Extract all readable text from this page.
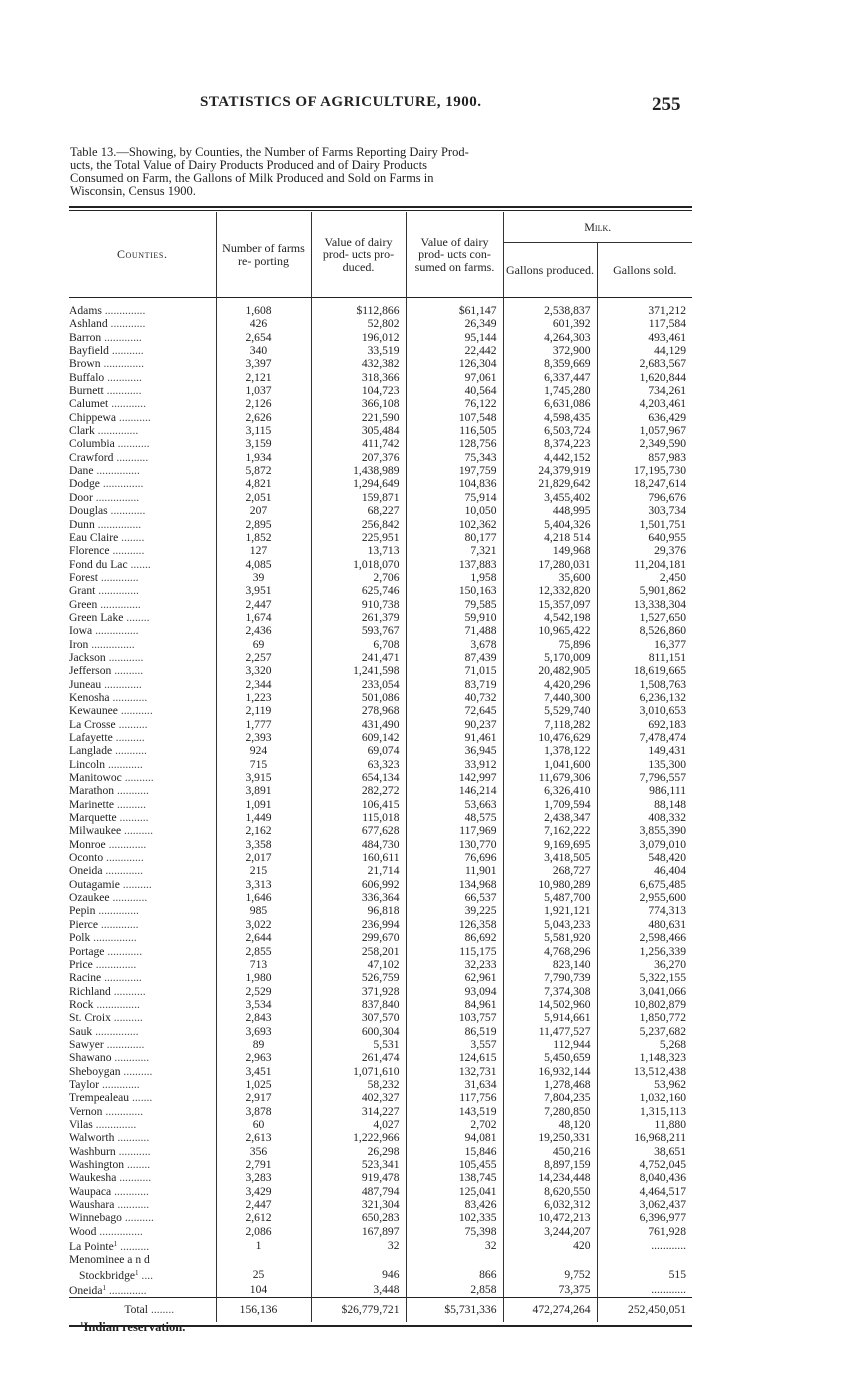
STATISTICS OF AGRICULTURE, 1900.	255
Table 13.—Showing, by Counties, the Number of Farms Reporting Dairy Prod-
ucts, the Total Value of Dairy Products Produced and of Dairy Products
Consumed on Farm, the Gallons of Milk Produced and Sold on Farms in
Wisconsin, Census 1900.
Counties.	Number of farms re- porting	Value of dairy prod- ucts pro- duced.	Value of dairy prod- ucts con- sumed on farms.	Milk.	
				Gallons produced.	Gallons sold.
Adams ..............	1,608	$112,866	$61,147	2,538,837	371,212
Ashland ............	426	52,802	26,349	601,392	117,584
Barron .............	2,654	196,012	95,144	4,264,303	493,461
Bayfield ...........	340	33,519	22,442	372,900	44,129
Brown ..............	3,397	432,382	126,304	8,359,669	2,683,567
Buffalo ............	2,121	318,366	97,061	6,337,447	1,620,844
Burnett ............	1,037	104,723	40,564	1,745,280	734,261
Calumet ............	2,126	366,108	76,122	6,631,086	4,203,461
Chippewa ...........	2,626	221,590	107,548	4,598,435	636,429
Clark ..............	3,115	305,484	116,505	6,503,724	1,057,967
Columbia ...........	3,159	411,742	128,756	8,374,223	2,349,590
Crawford ...........	1,934	207,376	75,343	4,442,152	857,983
Dane ...............	5,872	1,438,989	197,759	24,379,919	17,195,730
Dodge ..............	4,821	1,294,649	104,836	21,829,642	18,247,614
Door ...............	2,051	159,871	75,914	3,455,402	796,676
Douglas ............	207	68,227	10,050	448,995	303,734
Dunn ...............	2,895	256,842	102,362	5,404,326	1,501,751
Eau Claire ........	1,852	225,951	80,177	4,218 514	640,955
Florence ...........	127	13,713	7,321	149,968	29,376
Fond du Lac .......	4,085	1,018,070	137,883	17,280,031	11,204,181
Forest .............	39	2,706	1,958	35,600	2,450
Grant ..............	3,951	625,746	150,163	12,332,820	5,901,862
Green ..............	2,447	910,738	79,585	15,357,097	13,338,304
Green Lake ........	1,674	261,379	59,910	4,542,198	1,527,650
Iowa ...............	2,436	593,767	71,488	10,965,422	8,526,860
Iron ...............	69	6,708	3,678	75,896	16,377
Jackson ............	2,257	241,471	87,439	5,170,009	811,151
Jefferson ..........	3,320	1,241,598	71,015	20,482,905	18,619,665
Juneau .............	2,344	233,054	83,719	4,420,296	1,508,763
Kenosha ............	1,223	501,086	40,732	7,440,300	6,236,132
Kewaunee ...........	2,119	278,968	72,645	5,529,740	3,010,653
La Crosse ..........	1,777	431,490	90,237	7,118,282	692,183
Lafayette ..........	2,393	609,142	91,461	10,476,629	7,478,474
Langlade ...........	924	69,074	36,945	1,378,122	149,431
Lincoln ............	715	63,323	33,912	1,041,600	135,300
Manitowoc ..........	3,915	654,134	142,997	11,679,306	7,796,557
Marathon ...........	3,891	282,272	146,214	6,326,410	986,111
Marinette ..........	1,091	106,415	53,663	1,709,594	88,148
Marquette ..........	1,449	115,018	48,575	2,438,347	408,332
Milwaukee ..........	2,162	677,628	117,969	7,162,222	3,855,390
Monroe .............	3,358	484,730	130,770	9,169,695	3,079,010
Oconto .............	2,017	160,611	76,696	3,418,505	548,420
Oneida .............	215	21,714	11,901	268,727	46,404
Outagamie ..........	3,313	606,992	134,968	10,980,289	6,675,485
Ozaukee ............	1,646	336,364	66,537	5,487,700	2,955,600
Pepin ..............	985	96,818	39,225	1,921,121	774,313
Pierce .............	3,022	236,994	126,358	5,043,233	480,631
Polk ...............	2,644	299,670	86,692	5,581,920	2,598,466
Portage ............	2,855	258,201	115,175	4,768,296	1,256,339
Price ..............	713	47,102	32,233	823,140	36,270
Racine .............	1,980	526,759	62,961	7,790,739	5,322,155
Richland ...........	2,529	371,928	93,094	7,374,308	3,041,066
Rock ...............	3,534	837,840	84,961	14,502,960	10,802,879
St. Croix ..........	2,843	307,570	103,757	5,914,661	1,850,772
Sauk ...............	3,693	600,304	86,519	11,477,527	5,237,682
Sawyer .............	89	5,531	3,557	112,944	5,268
Shawano ............	2,963	261,474	124,615	5,450,659	1,148,323
Sheboygan ..........	3,451	1,071,610	132,731	16,932,144	13,512,438
Taylor .............	1,025	58,232	31,634	1,278,468	53,962
Trempealeau .......	2,917	402,327	117,756	7,804,235	1,032,160
Vernon .............	3,878	314,227	143,519	7,280,850	1,315,113
Vilas ..............	60	4,027	2,702	48,120	11,880
Walworth ...........	2,613	1,222,966	94,081	19,250,331	16,968,211
Washburn ...........	356	26,298	15,846	450,216	38,651
Washington ........	2,791	523,341	105,455	8,897,159	4,752,045
Waukesha ...........	3,283	919,478	138,745	14,234,448	8,040,436
Waupaca ............	3,429	487,794	125,041	8,620,550	4,464,517
Waushara ...........	2,447	321,304	83,426	6,032,312	3,062,437
Winnebago ..........	2,612	650,283	102,335	10,472,213	6,396,977
Wood ...............	2,086	167,897	75,398	3,244,207	761,928
La Pointe$^1$ ..........	1	32	32	420	............
Menominee a n d					
Stockbridge$^1$ ....	25	946	866	9,752	515
Oneida$^1$ .............	104	3,448	2,858	73,375	............
Total ........	156,136	$26,779,721	$5,731,336	472,274,264	252,450,051
$^1$Indian reservation.
